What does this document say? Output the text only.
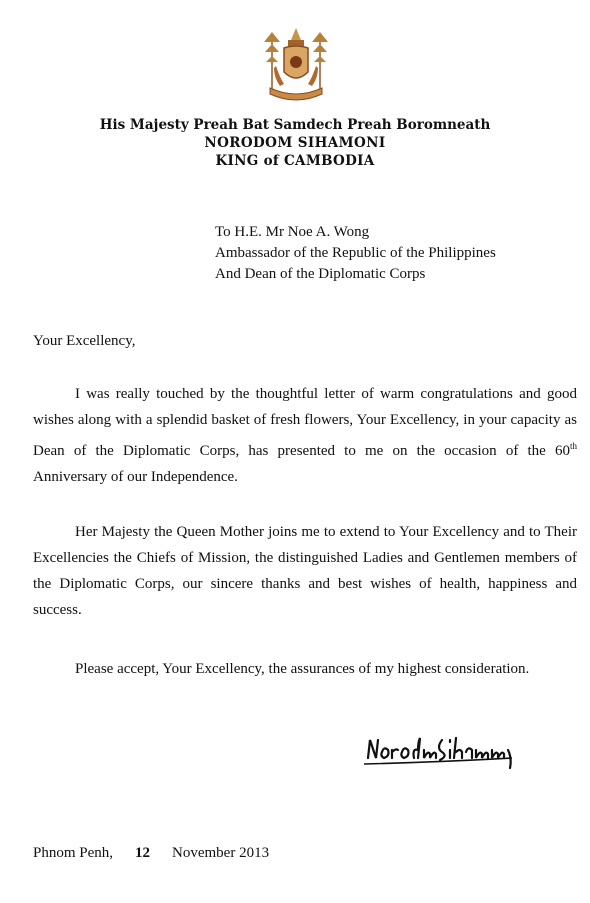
His Majesty Preah Bat Samdech Preah Boromneath
NORODOM SIHAMONI
KING of CAMBODIA
To H.E. Mr Noe A. Wong
Ambassador of the Republic of the Philippines
And Dean of the Diplomatic Corps
Your Excellency,

I was really touched by the thoughtful letter of warm congratulations and good wishes along with a splendid basket of fresh flowers, Your Excellency, in your capacity as Dean of the Diplomatic Corps, has presented to me on the occasion of the 60th Anniversary of our Independence.

Her Majesty the Queen Mother joins me to extend to Your Excellency and to Their Excellencies the Chiefs of Mission, the distinguished Ladies and Gentlemen members of the Diplomatic Corps, our sincere thanks and best wishes of health, happiness and success.

Please accept, Your Excellency, the assurances of my highest consideration.

Phnom Penh, 12 November 2013
